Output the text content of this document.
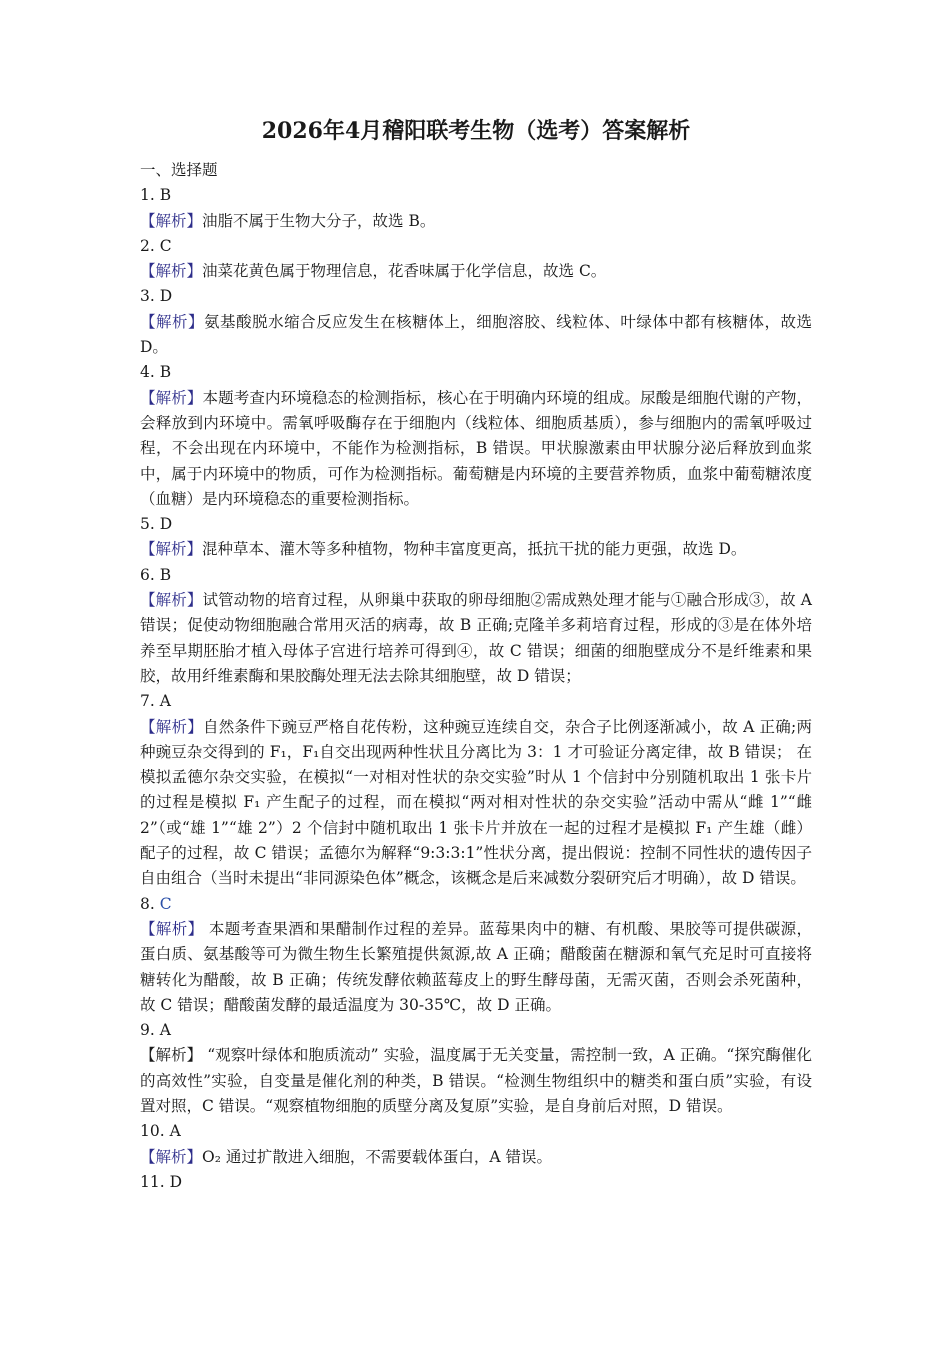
2026年4月稽阳联考生物（选考）答案解析
一、选择题
1. B
【解析】油脂不属于生物大分子，故选 B。
2. C
【解析】油菜花黄色属于物理信息，花香味属于化学信息，故选 C。
3. D
【解析】氨基酸脱水缩合反应发生在核糖体上，细胞溶胶、线粒体、叶绿体中都有核糖体，故选 D。
4. B
【解析】本题考查内环境稳态的检测指标，核心在于明确内环境的组成。尿酸是细胞代谢的产物，会释放到内环境中。需氧呼吸酶存在于细胞内（线粒体、细胞质基质），参与细胞内的需氧呼吸过程，不会出现在内环境中，不能作为检测指标，B 错误。甲状腺激素由甲状腺分泌后释放到血浆中，属于内环境中的物质，可作为检测指标。葡萄糖是内环境的主要营养物质，血浆中葡萄糖浓度（血糖）是内环境稳态的重要检测指标。
5. D
【解析】混种草本、灌木等多种植物，物种丰富度更高，抵抗干扰的能力更强，故选 D。
6. B
【解析】试管动物的培育过程，从卵巢中获取的卵母细胞②需成熟处理才能与①融合形成③，故 A 错误；促使动物细胞融合常用灭活的病毒，故 B 正确;克隆羊多莉培育过程，形成的③是在体外培养至早期胚胎才植入母体子宫进行培养可得到④，故 C 错误；细菌的细胞壁成分不是纤维素和果胶，故用纤维素酶和果胶酶处理无法去除其细胞壁，故 D 错误；
7. A
【解析】自然条件下豌豆严格自花传粉，这种豌豆连续自交，杂合子比例逐渐减小，故 A 正确;两种豌豆杂交得到的 F₁，F₁自交出现两种性状且分离比为 3：1 才可验证分离定律，故 B 错误； 在模拟孟德尔杂交实验，在模拟“一对相对性状的杂交实验”时从 1 个信封中分别随机取出 1 张卡片的过程是模拟 F₁ 产生配子的过程，而在模拟“两对相对性状的杂交实验”活动中需从“雌 1”“雌 2”（或“雄 1”“雄 2”）2 个信封中随机取出 1 张卡片并放在一起的过程才是模拟 F₁ 产生雄（雌）配子的过程，故 C 错误；孟德尔为解释“9:3:3:1”性状分离，提出假说：控制不同性状的遗传因子自由组合（当时未提出“非同源染色体”概念，该概念是后来减数分裂研究后才明确），故 D 错误。
8. C
【解析】 本题考查果酒和果醋制作过程的差异。蓝莓果肉中的糖、有机酸、果胶等可提供碳源， 蛋白质、氨基酸等可为微生物生长繁殖提供氮源,故 A 正确；醋酸菌在糖源和氧气充足时可直接将糖转化为醋酸，故 B 正确；传统发酵依赖蓝莓皮上的野生酵母菌，无需灭菌，否则会杀死菌种，故 C 错误；醋酸菌发酵的最适温度为 30-35℃，故 D 正确。
9. A
【解析】 “观察叶绿体和胞质流动” 实验，温度属于无关变量，需控制一致，A 正确。“探究酶催化的高效性”实验，自变量是催化剂的种类，B 错误。“检测生物组织中的糖类和蛋白质”实验，有设置对照，C 错误。“观察植物细胞的质壁分离及复原”实验，是自身前后对照，D 错误。
10. A
【解析】O₂ 通过扩散进入细胞，不需要载体蛋白，A 错误。
11. D
